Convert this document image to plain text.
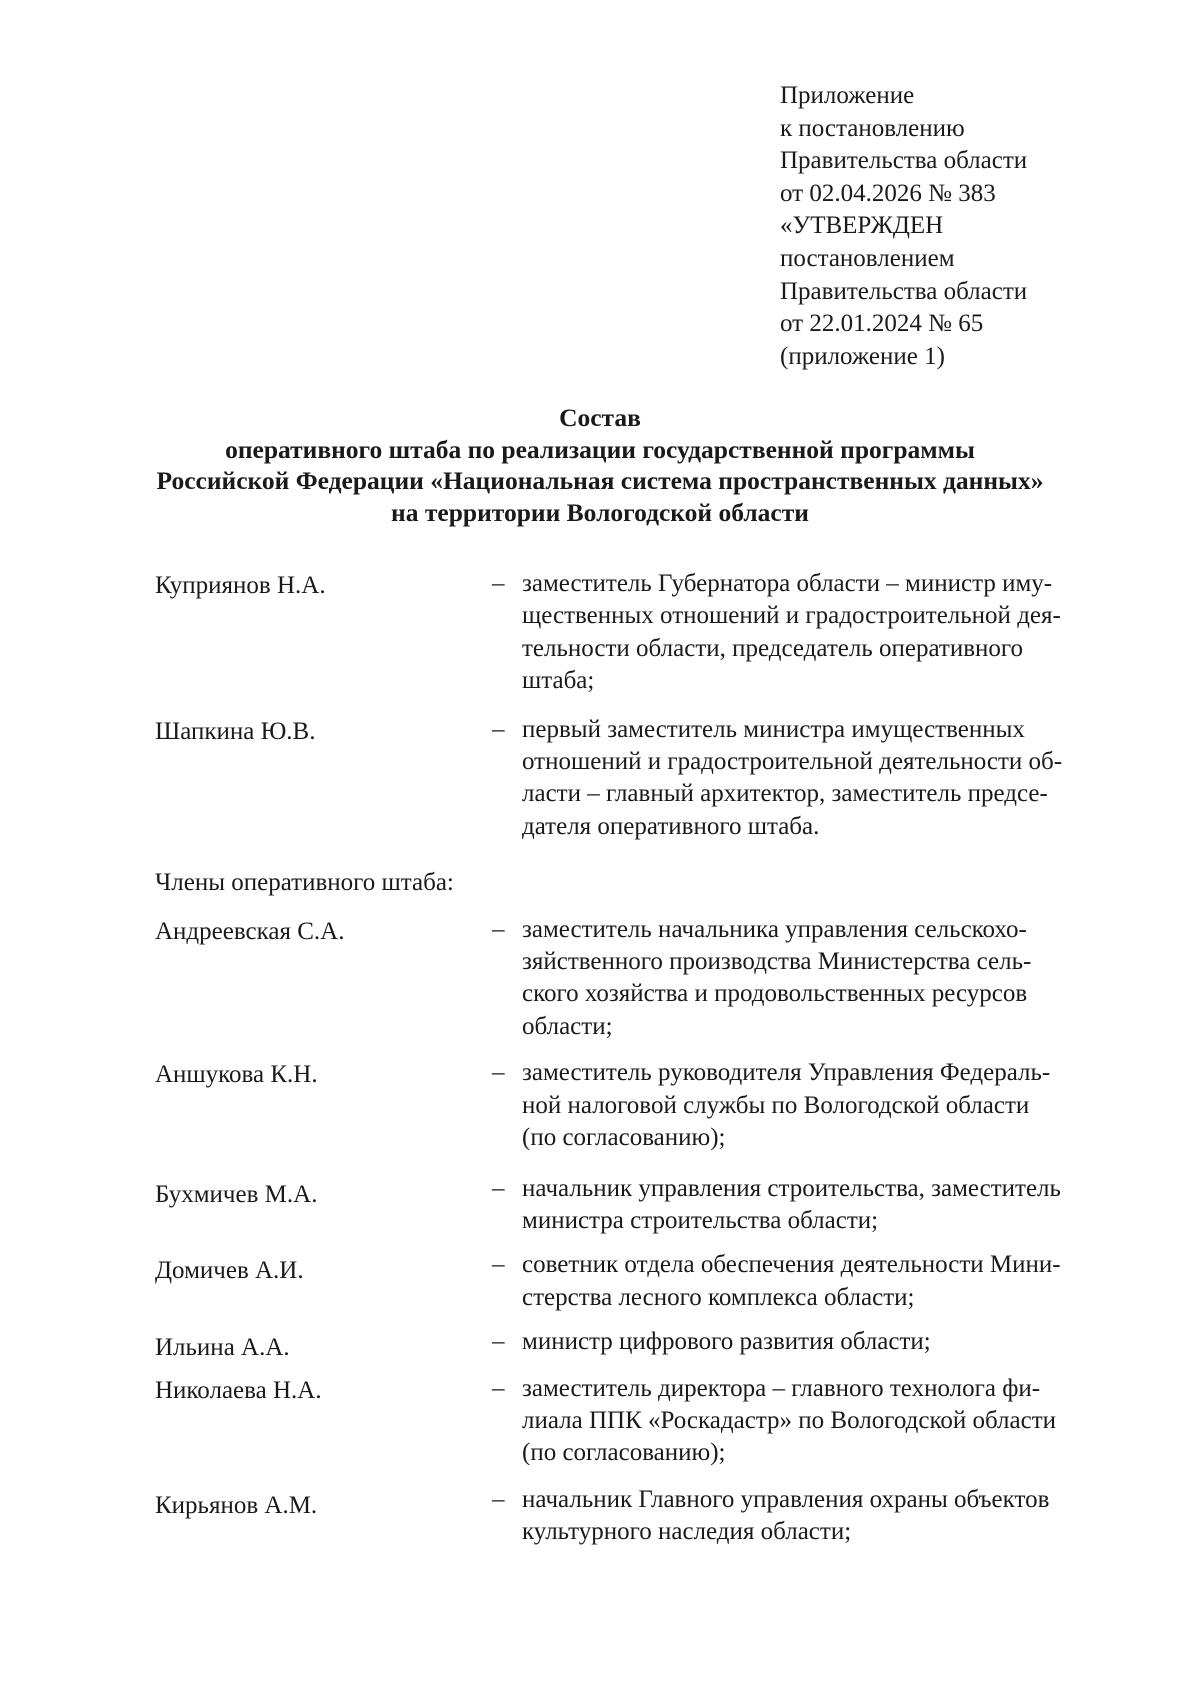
Приложение
к постановлению
Правительства области
от 02.04.2026 № 383
«УТВЕРЖДЕН
постановлением
Правительства области
от 22.01.2024 № 65
(приложение 1)
Состав
оперативного штаба по реализации государственной программы
Российской Федерации «Национальная система пространственных данных»
на территории Вологодской области
Куприянов Н.А.	– заместитель Губернатора области – министр иму-
щественных отношений и градостроительной дея-
тельности области, председатель оперативного
штаба;
Шапкина Ю.В.	– первый заместитель министра имущественных
отношений и градостроительной деятельности об-
ласти – главный архитектор, заместитель предсе-
дателя оперативного штаба.
Члены оперативного штаба:
Андреевская С.А.	– заместитель начальника управления сельскохо-
зяйственного производства Министерства сель-
ского хозяйства и продовольственных ресурсов
области;
Аншукова К.Н.	– заместитель руководителя Управления Федераль-
ной налоговой службы по Вологодской области
(по согласованию);
Бухмичев М.А.	– начальник управления строительства, заместитель
министра строительства области;
Домичев А.И.	– советник отдела обеспечения деятельности Мини-
стерства лесного комплекса области;
Ильина А.А.	– министр цифрового развития области;
Николаева Н.А.	– заместитель директора – главного технолога фи-
лиала ППК «Роскадастр» по Вологодской области
(по согласованию);
Кирьянов А.М.	– начальник Главного управления охраны объектов
культурного наследия области;
